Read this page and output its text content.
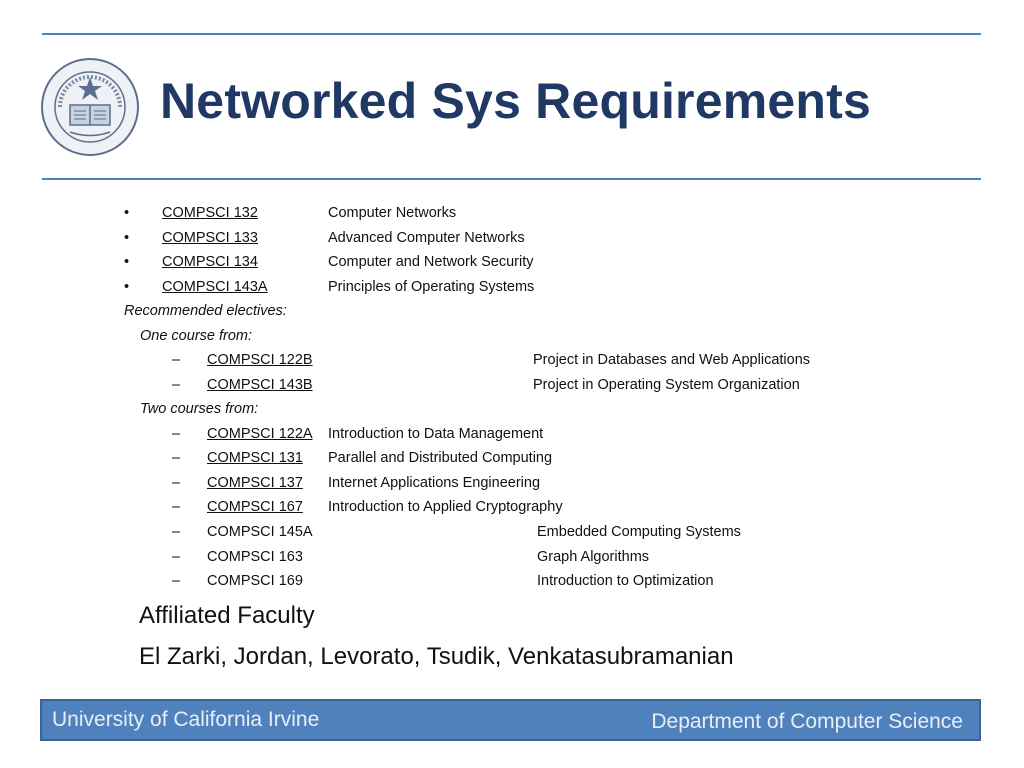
Networked Sys Requirements
• COMPSCI 132	Computer Networks
• COMPSCI 133	Advanced Computer Networks
• COMPSCI 134	Computer and Network Security
• COMPSCI 143A	Principles of Operating Systems
Recommended electives:
One course from:
– COMPSCI 122B	Project in Databases and Web Applications
– COMPSCI 143B	Project in Operating System Organization
Two courses from:
– COMPSCI 122A Introduction to Data Management
– COMPSCI 131 Parallel and Distributed Computing
– COMPSCI 137 Internet Applications Engineering
– COMPSCI 167 Introduction to Applied Cryptography
– COMPSCI 145A	Embedded Computing Systems
– COMPSCI 163	Graph Algorithms
– COMPSCI 169	Introduction to Optimization
Affiliated Faculty
El Zarki, Jordan, Levorato, Tsudik, Venkatasubramanian
University of California Irvine	Department of Computer Science
